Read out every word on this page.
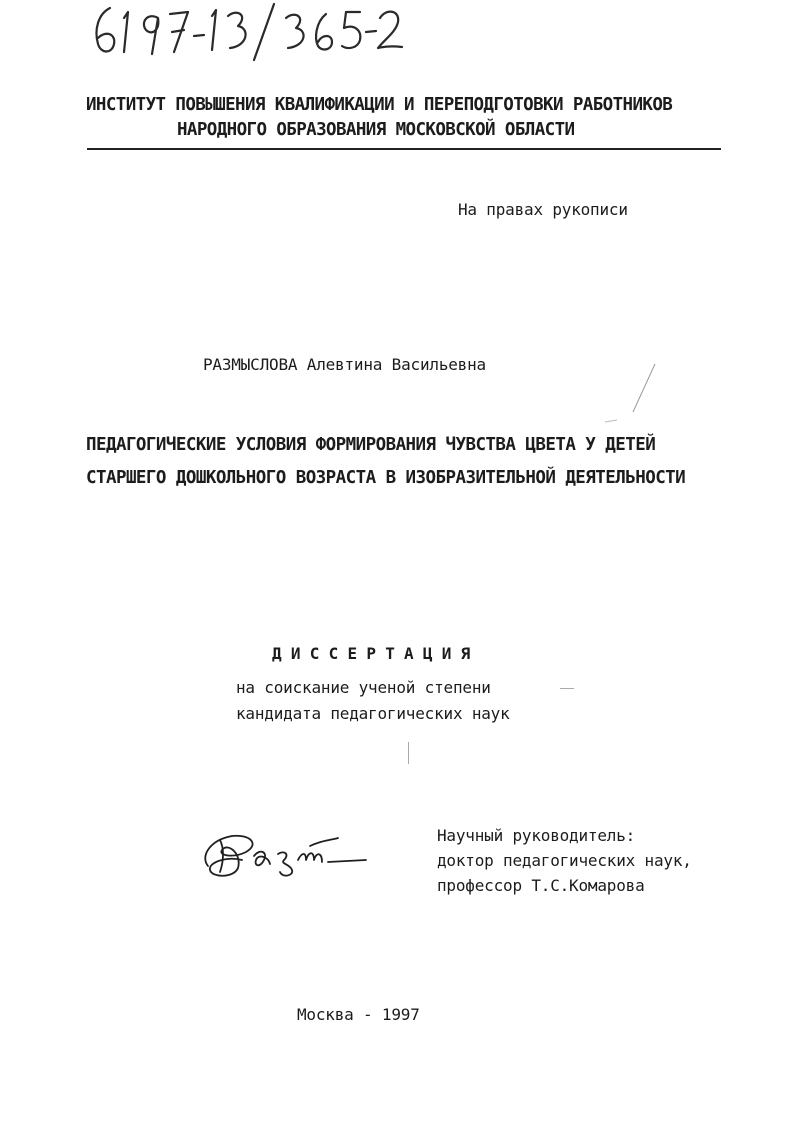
ИНСТИТУТ ПОВЫШЕНИЯ КВАЛИФИКАЦИИ И ПЕРЕПОДГОТОВКИ РАБОТНИКОВ
НАРОДНОГО ОБРАЗОВАНИЯ МОСКОВСКОЙ ОБЛАСТИ
На правах рукописи
РАЗМЫСЛОВА Алевтина Васильевна
ПЕДАГОГИЧЕСКИЕ УСЛОВИЯ ФОРМИРОВАНИЯ ЧУВСТВА ЦВЕТА У ДЕТЕЙ
СТАРШЕГО ДОШКОЛЬНОГО ВОЗРАСТА В ИЗОБРАЗИТЕЛЬНОЙ ДЕЯТЕЛЬНОСТИ
Д И С С Е Р Т А Ц И Я
на соискание ученой степени
кандидата педагогических наук
Научный руководитель:
доктор педагогических наук,
профессор Т.С.Комарова
Москва - 1997
